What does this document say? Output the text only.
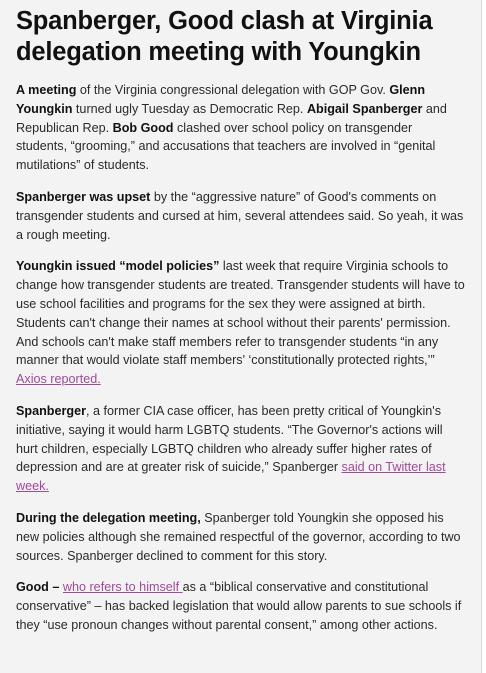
Spanberger, Good clash at Virginia delegation meeting with Youngkin

A meeting of the Virginia congressional delegation with GOP Gov. Glenn Youngkin turned ugly Tuesday as Democratic Rep. Abigail Spanberger and Republican Rep. Bob Good clashed over school policy on transgender students, “grooming,” and accusations that teachers are involved in “genital mutilations” of students.

Spanberger was upset by the “aggressive nature” of Good's comments on transgender students and cursed at him, several attendees said. So yeah, it was a rough meeting.

Youngkin issued “model policies” last week that require Virginia schools to change how transgender students are treated. Transgender students will have to use school facilities and programs for the sex they were assigned at birth. Students can't change their names at school without their parents' permission. And schools can't make staff members refer to transgender students “in any manner that would violate staff members' ‘constitutionally protected rights,’” Axios reported.

Spanberger, a former CIA case officer, has been pretty critical of Youngkin's initiative, saying it would harm LGBTQ students. “The Governor's actions will hurt children, especially LGBTQ children who already suffer higher rates of depression and are at greater risk of suicide,” Spanberger said on Twitter last week.

During the delegation meeting, Spanberger told Youngkin she opposed his new policies although she remained respectful of the governor, according to two sources. Spanberger declined to comment for this story.

Good – who refers to himself as a “biblical conservative and constitutional conservative” – has backed legislation that would allow parents to sue schools if they “use pronoun changes without parental consent,” among other actions.
